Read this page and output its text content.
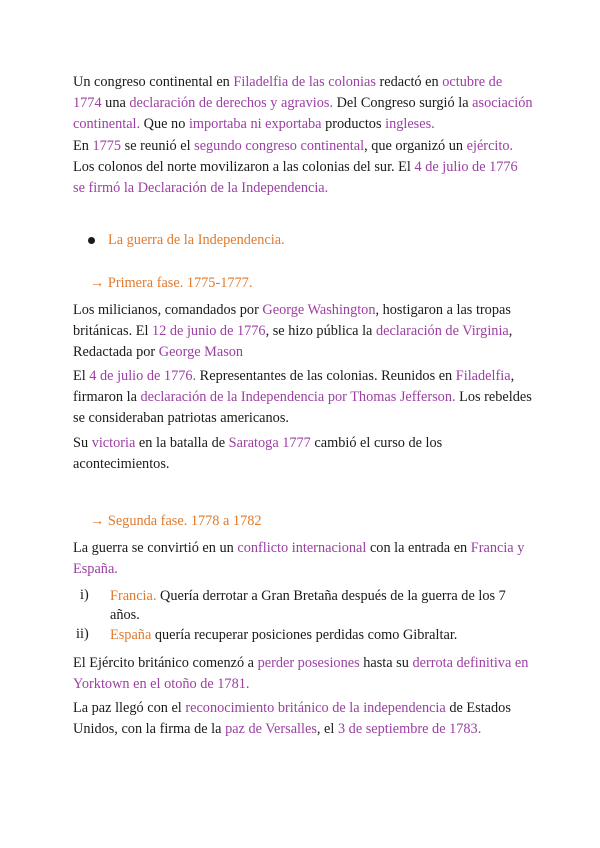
Un congreso continental en Filadelfia de las colonias redactó en octubre de 1774 una declaración de derechos y agravios. Del Congreso surgió la asociación continental. Que no importaba ni exportaba productos ingleses.

En 1775 se reunió el segundo congreso continental, que organizó un ejército. Los colonos del norte movilizaron a las colonias del sur. El 4 de julio de 1776 se firmó la Declaración de la Independencia.

La guerra de la Independencia.

→ Primera fase. 1775-1777.

Los milicianos, comandados por George Washington, hostigaron a las tropas británicas. El 12 de junio de 1776, se hizo pública la declaración de Virginia, Redactada por George Mason

El 4 de julio de 1776. Representantes de las colonias. Reunidos en Filadelfia, firmaron la declaración de la Independencia por Thomas Jefferson. Los rebeldes se consideraban patriotas americanos.

Su victoria en la batalla de Saratoga 1777 cambió el curso de los acontecimientos.

→ Segunda fase. 1778 a 1782

La guerra se convirtió en un conflicto internacional con la entrada en Francia y España.

i)	Francia. Quería derrotar a Gran Bretaña después de la guerra de los 7 años.

ii)	España quería recuperar posiciones perdidas como Gibraltar.

El Ejército británico comenzó a perder posesiones hasta su derrota definitiva en Yorktown en el otoño de 1781.

La paz llegó con el reconocimiento británico de la independencia de Estados Unidos, con la firma de la paz de Versalles, el 3 de septiembre de 1783.
